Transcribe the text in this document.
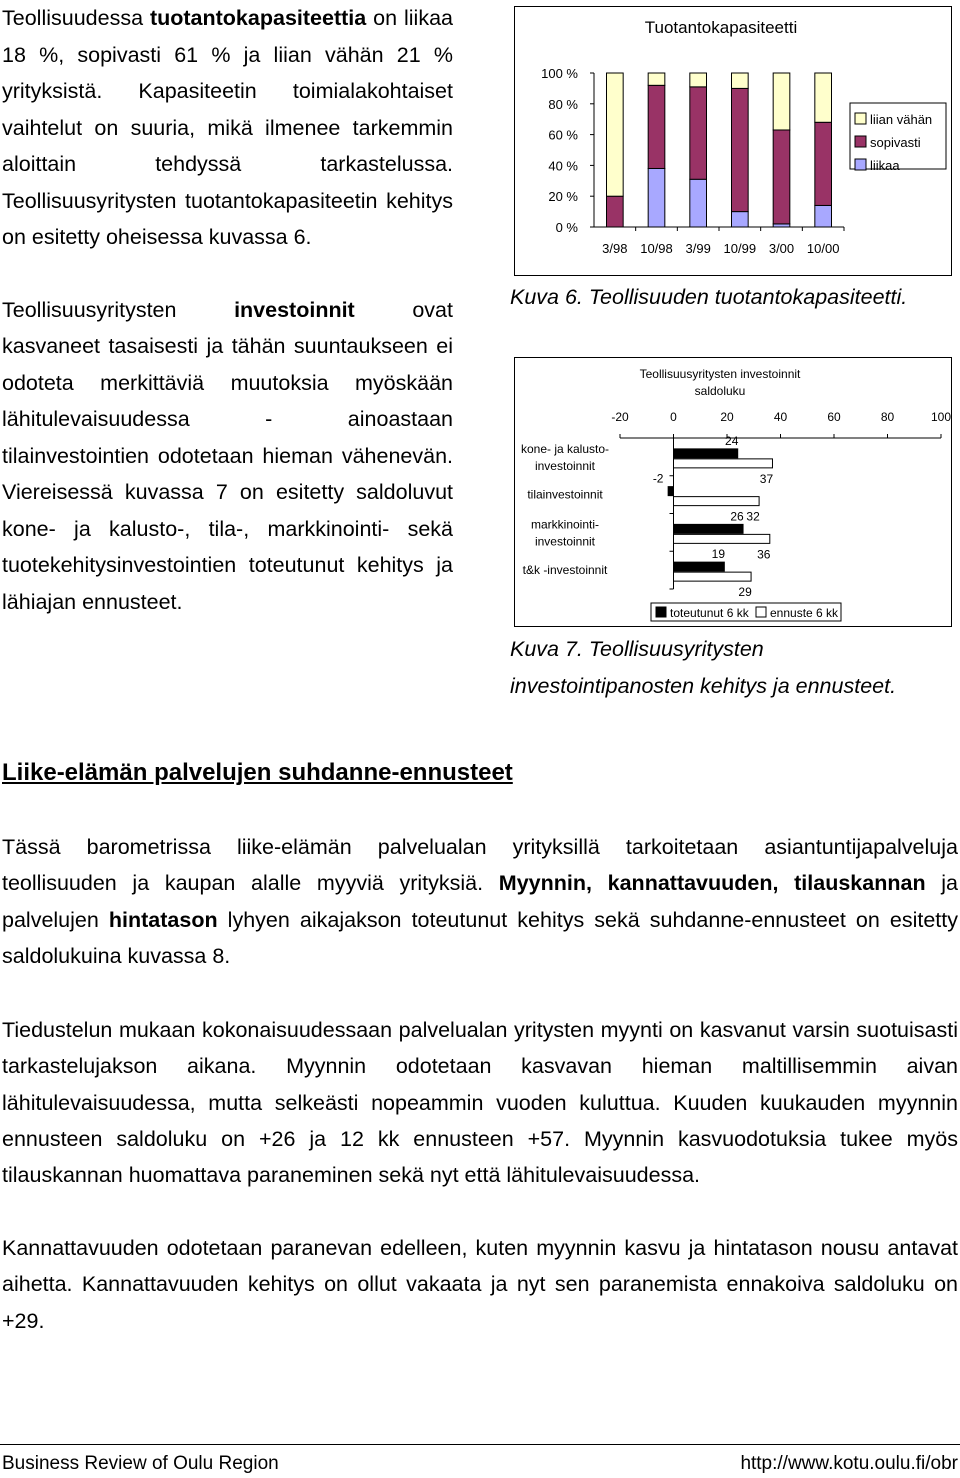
Teollisuudessa tuotantokapasiteettia on liikaa 18 %, sopivasti 61 % ja liian vähän 21 % yrityksistä. Kapasiteetin toimialakohtaiset vaihtelut on suuria, mikä ilmenee tarkemmin aloittain tehdyssä tarkastelussa. Teollisuusyritysten tuotantokapasiteetin kehitys on esitetty oheisessa kuvassa 6.

Teollisuusyritysten investoinnit ovat kasvaneet tasaisesti ja tähän suuntaukseen ei odoteta merkittäviä muutoksia myöskään lähitulevaisuudessa - ainoastaan tilainvestointien odotetaan hieman vähenevän. Viereisessä kuvassa 7 on esitetty saldoluvut kone- ja kalusto-, tila-, markkinointi- sekä tuotekehitysinvestointien toteutunut kehitys ja lähiajan ennusteet.

Tuotantokapasiteetti
0 %
20 %
40 %
60 %
80 %
100 %
3/98 10/98 3/99 10/99 3/00 10/00
liian vähän
sopivasti
liikaa
Kuva 6. Teollisuuden tuotantokapasiteetti.
Teollisuusyritysten investoinnit
saldoluku
-20	0	20	40	60	80	100
kone- ja kalusto-investoinnit
24
37
tilainvestoinnit
-2
32
markkinointi-investoinnit
26
36
t&k -investoinnit
19
29
toteutunut 6 kk ennuste 6 kk
Kuva 7. Teollisuusyritysten investointipanosten kehitys ja ennusteet.
Liike-elämän palvelujen suhdanne-ennusteet

Tässä barometrissa liike-elämän palvelualan yrityksillä tarkoitetaan asiantuntijapalveluja teollisuuden ja kaupan alalle myyviä yrityksiä. Myynnin, kannattavuuden, tilauskannan ja palvelujen hintatason lyhyen aikajakson toteutunut kehitys sekä suhdanne-ennusteet on esitetty saldolukuina kuvassa 8.

Tiedustelun mukaan kokonaisuudessaan palvelualan yritysten myynti on kasvanut varsin suotuisasti tarkastelujakson aikana. Myynnin odotetaan kasvavan hieman maltillisemmin aivan lähitulevaisuudessa, mutta selkeästi nopeammin vuoden kuluttua. Kuuden kuukauden myynnin ennusteen saldoluku on +26 ja 12 kk ennusteen +57. Myynnin kasvuodotuksia tukee myös tilauskannan huomattava paraneminen sekä nyt että lähitulevaisuudessa.

Kannattavuuden odotetaan paranevan edelleen, kuten myynnin kasvu ja hintatason nousu antavat aihetta. Kannattavuuden kehitys on ollut vakaata ja nyt sen paranemista ennakoiva saldoluku on +29.

Business Review of Oulu Region	http://www.kotu.oulu.fi/obr
